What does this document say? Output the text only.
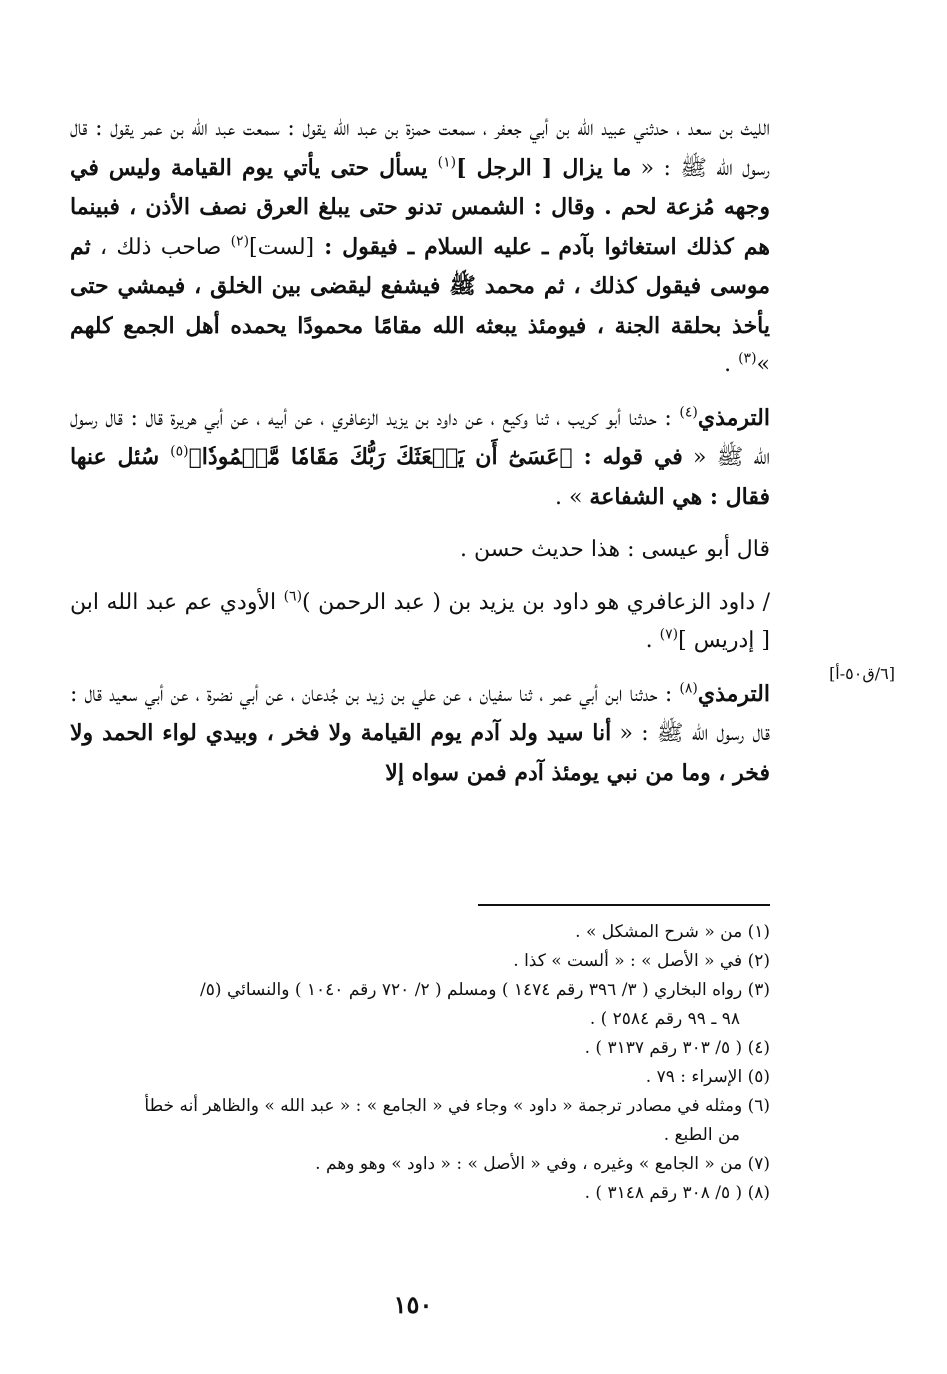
الليث بن سعد ، حدثني عبيد الله بن أبي جعفر ، سمعت حمزة بن عبد الله يقول : سمعت عبد الله بن عمر يقول : قال رسول الله ﷺ : « ما يزال [ الرجل ]$^{(١)}$ يسأل حتى يأتي يوم القيامة وليس في وجهه مُزعة لحم . وقال : الشمس تدنو حتى يبلغ العرق نصف الأذن ، فبينما هم كذلك استغاثوا بآدم ـ عليه السلام ـ فيقول : [لست]$^{(٢)}$ صاحب ذلك ، ثم موسى فيقول كذلك ، ثم محمد ﷺ فيشفع ليقضى بين الخلق ، فيمشي حتى يأخذ بحلقة الجنة ، فيومئذ يبعثه الله مقامًا محمودًا يحمده أهل الجمع كلهم »$^{(٣)}$ .

الترمذي$^{(٤)}$ : حدثنا أبو كريب ، ثنا وكيع ، عن داود بن يزيد الزعافري ، عن أبيه ، عن أبي هريرة قال : قال رسول الله ﷺ « في قوله : ﴿عَسَىٰٓ أَن يَبۡعَثَكَ رَبُّكَ مَقَامٗا مَّحۡمُودٗا﴾$^{(٥)}$ سُئل عنها فقال : هي الشفاعة » .

قال أبو عيسى : هذا حديث حسن .

/ داود الزعافري هو داود بن يزيد بن ( عبد الرحمن )$^{(٦)}$ الأودي عم عبد الله ابن [ إدريس ]$^{(٧)}$ .

الترمذي$^{(٨)}$ : حدثنا ابن أبي عمر ، ثنا سفيان ، عن علي بن زيد بن جُدعان ، عن أبي نضرة ، عن أبي سعيد قال : قال رسول الله ﷺ : « أنا سيد ولد آدم يوم القيامة ولا فخر ، وبيدي لواء الحمد ولا فخر ، وما من نبي يومئذ آدم فمن سواه إلا

[٦/ق٥٠-أ]

(١) من « شرح المشكل » .

(٢) في « الأصل » : « ألست » كذا .

(٣) رواه البخاري ( ٣/ ٣٩٦ رقم ١٤٧٤ ) ومسلم ( ٢/ ٧٢٠ رقم ١٠٤٠ ) والنسائي (٥/
٩٨ ـ ٩٩ رقم ٢٥٨٤ ) .

(٤) ( ٥/ ٣٠٣ رقم ٣١٣٧ ) .

(٥) الإسراء : ٧٩ .

(٦) ومثله في مصادر ترجمة « داود » وجاء في « الجامع » : « عبد الله » والظاهر أنه خطأ
من الطبع .

(٧) من « الجامع » وغيره ، وفي « الأصل » : « داود » وهو وهم .

(٨) ( ٥/ ٣٠٨ رقم ٣١٤٨ ) .

١٥٠
